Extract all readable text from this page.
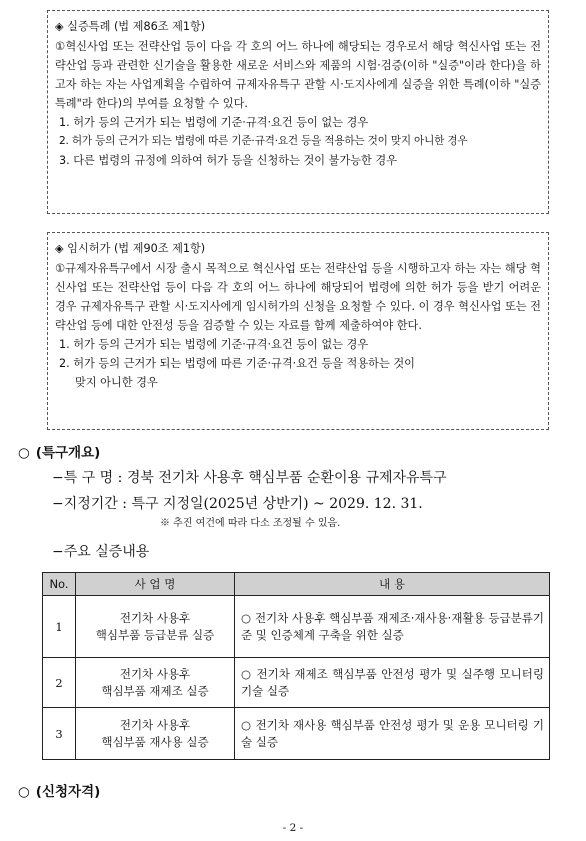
◈ 실증특례 (법 제86조 제1항)

①혁신사업 또는 전략산업 등이 다음 각 호의 어느 하나에 해당되는 경우로서 해당 혁신사업 또는 전략산업 등과 관련한 신기술을 활용한 새로운 서비스와 제품의 시험·검증(이하 "실증"이라 한다)을 하고자 하는 자는 사업계획을 수립하여 규제자유특구 관할 시·도지사에게 실증을 위한 특례(이하 "실증특례"라 한다)의 부여를 요청할 수 있다.

1. 허가 등의 근거가 되는 법령에 기준·규격·요건 등이 없는 경우
2. 허가 등의 근거가 되는 법령에 따른 기준·규격·요건 등을 적용하는 것이 맞지 아니한 경우
3. 다른 법령의 규정에 의하여 허가 등을 신청하는 것이 불가능한 경우
◈ 임시허가 (법 제90조 제1항)

①규제자유특구에서 시장 출시 목적으로 혁신사업 또는 전략산업 등을 시행하고자 하는 자는 해당 혁신사업 또는 전략산업 등이 다음 각 호의 어느 하나에 해당되어 법령에 의한 허가 등을 받기 어려운 경우 규제자유특구 관할 시·도지사에게 임시허가의 신청을 요청할 수 있다. 이 경우 혁신사업 또는 전략산업 등에 대한 안전성 등을 검증할 수 있는 자료를 함께 제출하여야 한다.

1. 허가 등의 근거가 되는 법령에 기준·규격·요건 등이 없는 경우
2. 허가 등의 근거가 되는 법령에 따른 기준·규격·요건 등을 적용하는 것이
맞지 아니한 경우
○ (특구개요)
−특 구 명 : 경북 전기차 사용후 핵심부품 순환이용 규제자유특구
−지정기간 : 특구 지정일(2025년 상반기) ~ 2029. 12. 31.
※ 추진 여건에 따라 다소 조정될 수 있음.
−주요 실증내용
No.	사 업 명	내 용
1	전기차 사용후
핵심부품 등급분류 실증	○ 전기차 사용후 핵심부품 재제조·재사용·재활용 등급분류기준 및 인증체계 구축을 위한 실증
2	전기차 사용후
핵심부품 재제조 실증	○ 전기차 재제조 핵심부품 안전성 평가 및 실주행 모니터링 기술 실증
3	전기차 사용후
핵심부품 재사용 실증	○ 전기차 재사용 핵심부품 안전성 평가 및 운용 모니터링 기술 실증
○ (신청자격)
- 2 -
